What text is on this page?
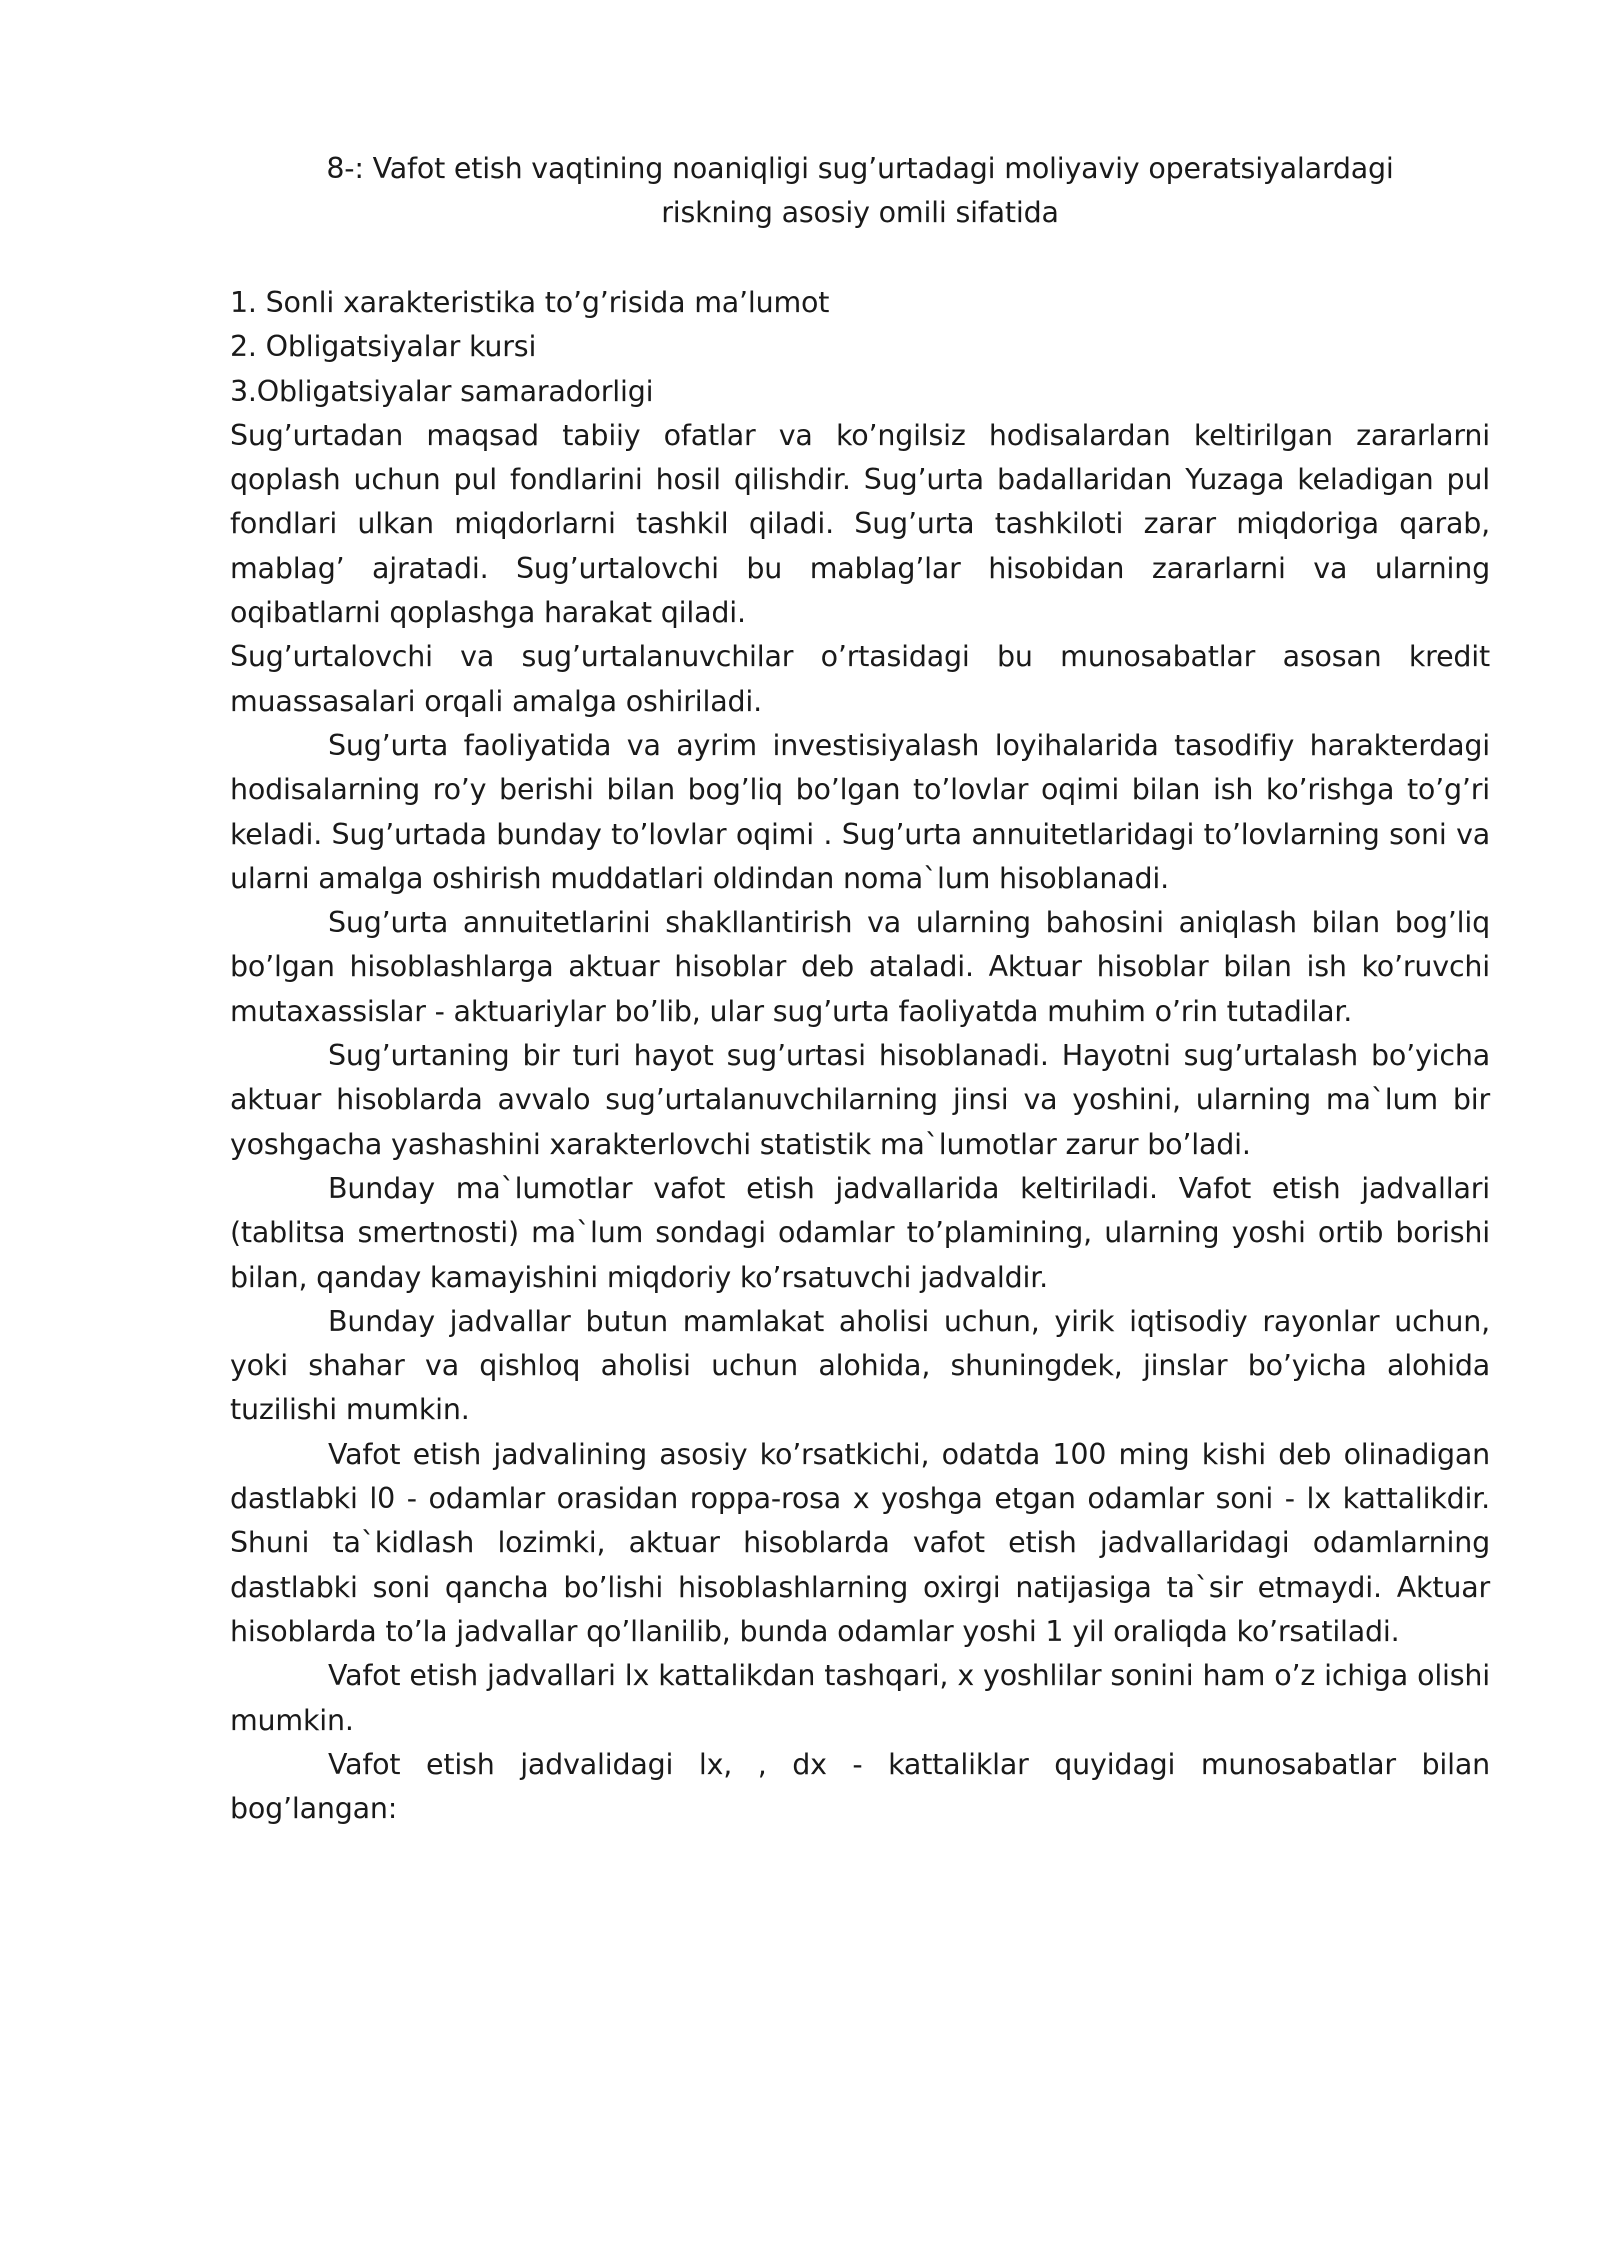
8-: Vafot etish vaqtining noaniqligi sug’urtadagi moliyaviy operatsiyalardagi
riskning asosiy omili sifatida

1. Sonli xarakteristika to’g’risida ma’lumot

2. Obligatsiyalar kursi

3.Obligatsiyalar samaradorligi

Sug’urtadan maqsad tabiiy ofatlar va ko’ngilsiz hodisalardan keltirilgan zararlarni qoplash uchun pul fondlarini hosil qilishdir. Sug’urta badallaridan Yuzaga keladigan pul fondlari ulkan miqdorlarni tashkil qiladi. Sug’urta tashkiloti zarar miqdoriga qarab, mablag’ ajratadi. Sug’urtalovchi bu mablag’lar hisobidan zararlarni va ularning oqibatlarni qoplashga harakat qiladi.

Sug’urtalovchi va sug’urtalanuvchilar o’rtasidagi bu munosabatlar asosan kredit muassasalari orqali amalga oshiriladi.

Sug’urta faoliyatida va ayrim investisiyalash loyihalarida tasodifiy harakterdagi hodisalarning ro’y berishi bilan bog’liq bo’lgan to’lovlar oqimi bilan ish ko’rishga to’g’ri keladi. Sug’urtada bunday to’lovlar oqimi . Sug’urta annuitetlaridagi to’lovlarning soni va ularni amalga oshirish muddatlari oldindan noma`lum hisoblanadi.

Sug’urta annuitetlarini shakllantirish va ularning bahosini aniqlash bilan bog’liq bo’lgan hisoblashlarga aktuar hisoblar deb ataladi. Aktuar hisoblar bilan ish ko’ruvchi mutaxassislar - aktuariylar bo’lib, ular sug’urta faoliyatda muhim o’rin tutadilar.

Sug’urtaning bir turi hayot sug’urtasi hisoblanadi. Hayotni sug’urtalash bo’yicha aktuar hisoblarda avvalo sug’urtalanuvchilarning jinsi va yoshini, ularning ma`lum bir yoshgacha yashashini xarakterlovchi statistik ma`lumotlar zarur bo’ladi.

Bunday ma`lumotlar vafot etish jadvallarida keltiriladi. Vafot etish jadvallari (tablitsa smertnosti) ma`lum sondagi odamlar to’plamining, ularning yoshi ortib borishi bilan, qanday kamayishini miqdoriy ko’rsatuvchi jadvaldir.

Bunday jadvallar butun mamlakat aholisi uchun, yirik iqtisodiy rayonlar uchun, yoki shahar va qishloq aholisi uchun alohida, shuningdek, jinslar bo’yicha alohida tuzilishi mumkin.

Vafot etish jadvalining asosiy ko’rsatkichi, odatda 100 ming kishi deb olinadigan dastlabki l0 - odamlar orasidan roppa-rosa x yoshga etgan odamlar soni - lx kattalikdir. Shuni ta`kidlash lozimki, aktuar hisoblarda vafot etish jadvallaridagi odamlarning dastlabki soni qancha bo’lishi hisoblashlarning oxirgi natijasiga ta`sir etmaydi. Aktuar hisoblarda to’la jadvallar qo’llanilib, bunda odamlar yoshi 1 yil oraliqda ko’rsatiladi.

Vafot etish jadvallari lx kattalikdan tashqari, x yoshlilar sonini ham o’z ichiga olishi mumkin.

Vafot etish jadvalidagi lx, , dx - kattaliklar quyidagi munosabatlar bilan bog’langan:
